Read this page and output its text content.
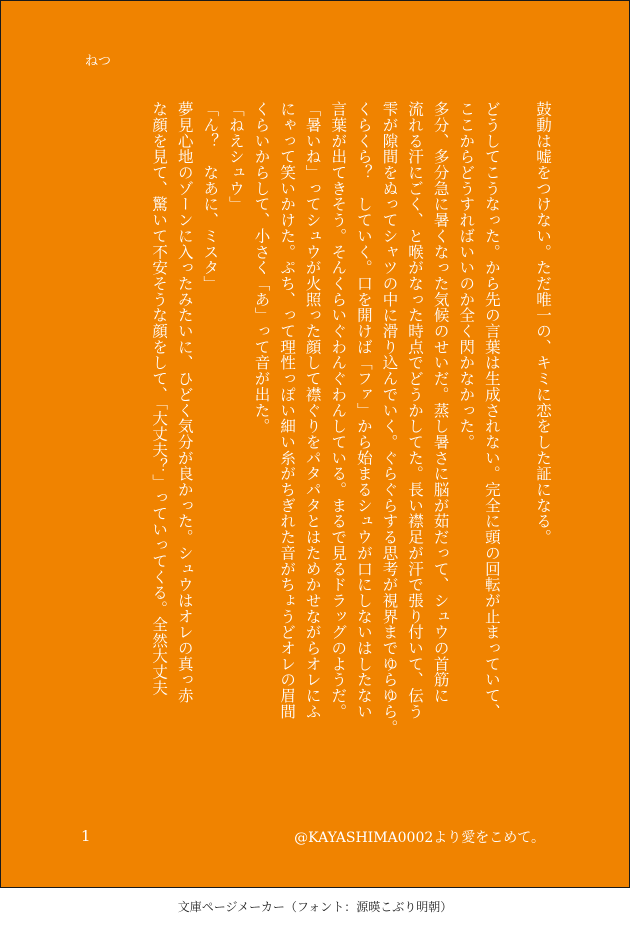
ねつ

鼓動は嘘をつけない。ただ唯一の、キミに恋をした証になる。

どうしてこうなった。から先の言葉は生成されない。完全に頭の回転が止まっていて、

ここからどうすればいいのか全く閃かなかった。

多分、多分急に暑くなった気候のせいだ。蒸し暑さに脳が茹だって、シュウの首筋に

流れる汗にごく、と喉がなった時点でどうかしてた。長い襟足が汗で張り付いて、伝う

雫が隙間をぬってシャツの中に滑り込んでいく。ぐらぐらする思考が視界までゆらゆら。

くらくら？　していく。口を開けば「ファ」から始まるシュウが口にしないはしたない

言葉が出てきそう。そんくらいぐわんぐわんしている。まるで見るドラッグのようだ。

「暑いね」ってシュウが火照った顔して襟ぐりをパタパタとはためかせながらオレにふ

にゃって笑いかけた。ぷち、って理性っぽい細い糸がちぎれた音がちょうどオレの眉間

くらいからして、小さく「あ」って音が出た。

「ねえシュウ」

「ん？　なあに、ミスタ」

夢見心地のゾーンに入ったみたいに、ひどく気分が良かった。シュウはオレの真っ赤

な顔を見て、驚いて不安そうな顔をして、「大丈夫？」っていってくる。全然大丈夫

1	@KAYASHIMA0002より愛をこめて。
文庫ページメーカー（フォント：源暎こぶり明朝）
